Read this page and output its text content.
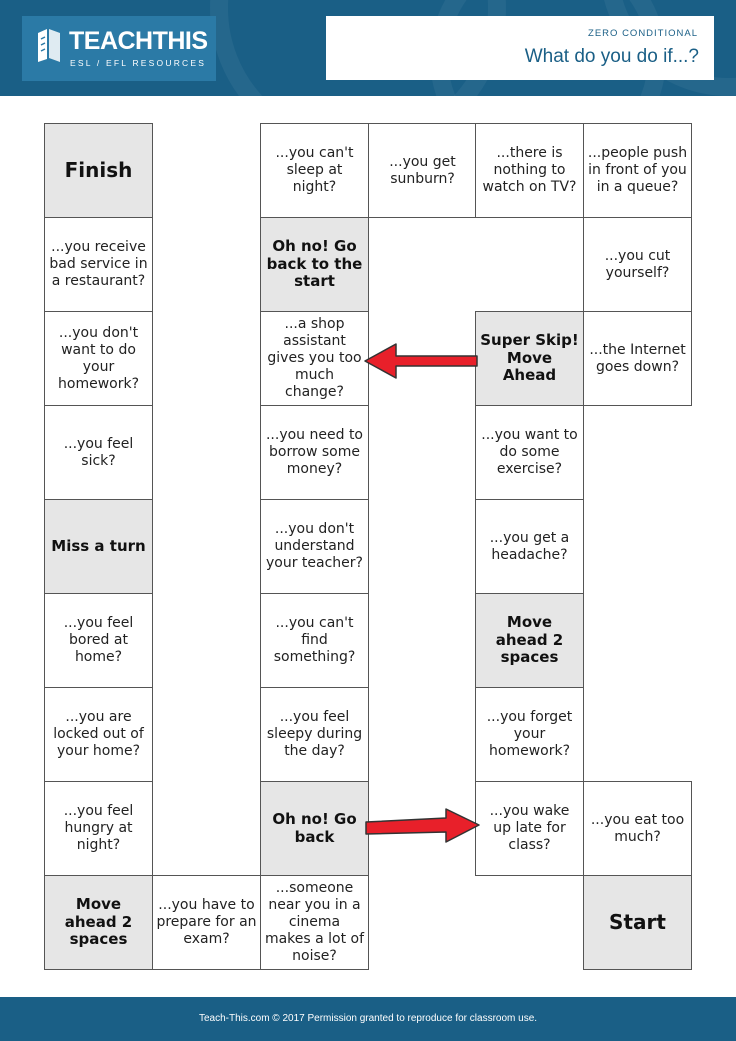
TEACHTHIS
ESL / EFL RESOURCES
ZERO CONDITIONAL
What do you do if...?
Finish
...you receive bad service in a restaurant?
...you don't want to do your homework?
...you feel sick?
Miss a turn
...you feel bored at home?
...you are locked out of your home?
...you feel hungry at night?
Move ahead 2 spaces
...you have to prepare for an exam?
...you can't sleep at night?
Oh no! Go back to the start
...a shop assistant gives you too much change?
...you need to borrow some money?
...you don't understand your teacher?
...you can't find something?
...you feel sleepy during the day?
Oh no! Go back
...someone near you in a cinema makes a lot of noise?
...you get sunburn?
...there is nothing to watch on TV?
Super Skip! Move Ahead
...you want to do some exercise?
...you get a headache?
Move ahead 2 spaces
...you forget your homework?
...you wake up late for class?
...people push in front of you in a queue?
...you cut yourself?
...the Internet goes down?
...you eat too much?
Start
Teach-This.com © 2017 Permission granted to reproduce for classroom use.
